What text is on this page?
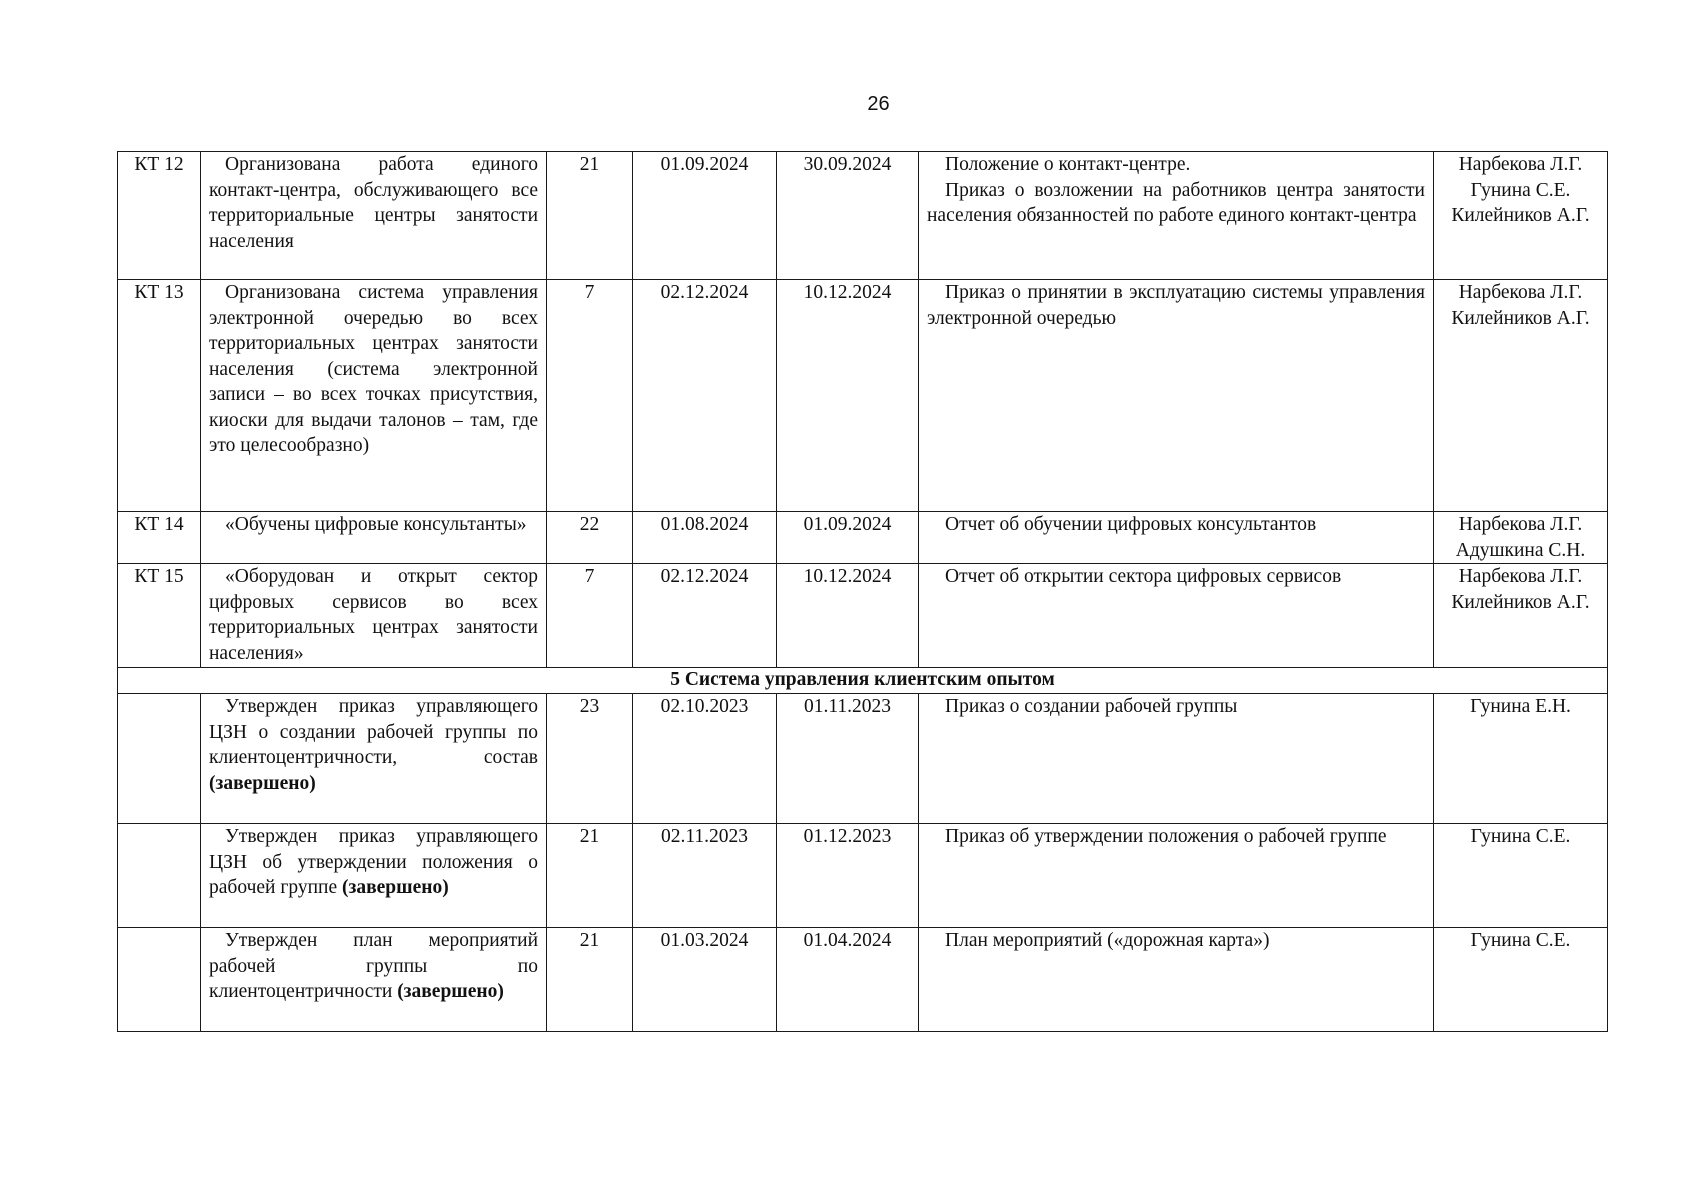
26
КТ 12	Организована работа единого контакт-центра, обслуживающего все территориальные центры занятости населения	21	01.09.2024	30.09.2024	Положение о контакт-центре.
Приказ о возложении на работников центра занятости населения обязанностей по работе единого контакт-центра	Нарбекова Л.Г.
Гунина С.Е.
Килейников А.Г.

КТ 13	Организована система управления электронной очередью во всех территориальных центрах занятости населения (система электронной записи – во всех точках присутствия, киоски для выдачи талонов – там, где это целесообразно)	7	02.12.2024	10.12.2024	Приказ о принятии в эксплуатацию системы управления электронной очередью	Нарбекова Л.Г.
Килейников А.Г.

КТ 14	«Обучены цифровые консультанты»	22	01.08.2024	01.09.2024	Отчет об обучении цифровых консультантов	Нарбекова Л.Г.
Адушкина С.Н.

КТ 15	«Оборудован и открыт сектор цифровых сервисов во всех территориальных центрах занятости населения»	7	02.12.2024	10.12.2024	Отчет об открытии сектора цифровых сервисов	Нарбекова Л.Г.
Килейников А.Г.

5 Система управления клиентским опытом						

	Утвержден приказ управляющего ЦЗН о создании рабочей группы по клиентоцентричности, состав (завершено)	23	02.10.2023	01.11.2023	Приказ о создании рабочей группы	Гунина Е.Н.

	Утвержден приказ управляющего ЦЗН об утверждении положения о рабочей группе (завершено)	21	02.11.2023	01.12.2023	Приказ об утверждении положения о рабочей группе	Гунина С.Е.

	Утвержден план мероприятий рабочей группы по клиентоцентричности (завершено)	21	01.03.2024	01.04.2024	План мероприятий («дорожная карта»)	Гунина С.Е.
